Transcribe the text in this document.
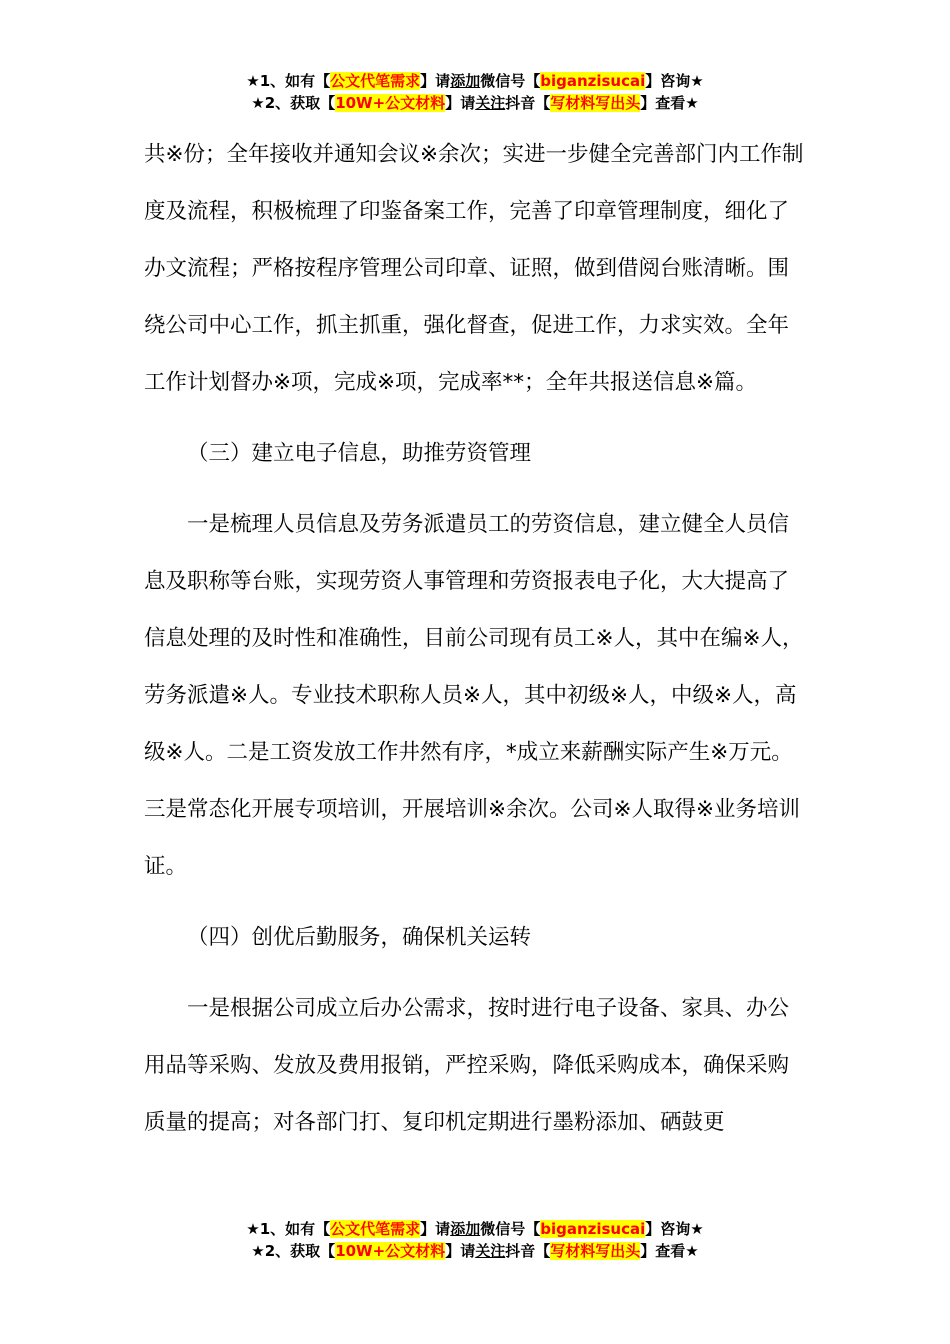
★1、如有【公文代笔需求】请添加微信号【biganzisucai】咨询★
★2、获取【10W+公文材料】请关注抖音【写材料写出头】查看★

共※份；全年接收并通知会议※余次；实进一步健全完善部门内工作制度及流程，积极梳理了印鉴备案工作，完善了印章管理制度，细化了办文流程；严格按程序管理公司印章、证照，做到借阅台账清晰。围绕公司中心工作，抓主抓重，强化督查，促进工作，力求实效。全年工作计划督办※项，完成※项，完成率**；全年共报送信息※篇。

（三）建立电子信息，助推劳资管理

一是梳理人员信息及劳务派遣员工的劳资信息，建立健全人员信息及职称等台账，实现劳资人事管理和劳资报表电子化，大大提高了信息处理的及时性和准确性，目前公司现有员工※人，其中在编※人，劳务派遣※人。专业技术职称人员※人，其中初级※人，中级※人，高级※人。二是工资发放工作井然有序，*成立来薪酬实际产生※万元。三是常态化开展专项培训，开展培训※余次。公司※人取得※业务培训证。

（四）创优后勤服务，确保机关运转

一是根据公司成立后办公需求，按时进行电子设备、家具、办公用品等采购、发放及费用报销，严控采购，降低采购成本，确保采购质量的提高；对各部门打、复印机定期进行墨粉添加、硒鼓更

★1、如有【公文代笔需求】请添加微信号【biganzisucai】咨询★
★2、获取【10W+公文材料】请关注抖音【写材料写出头】查看★
